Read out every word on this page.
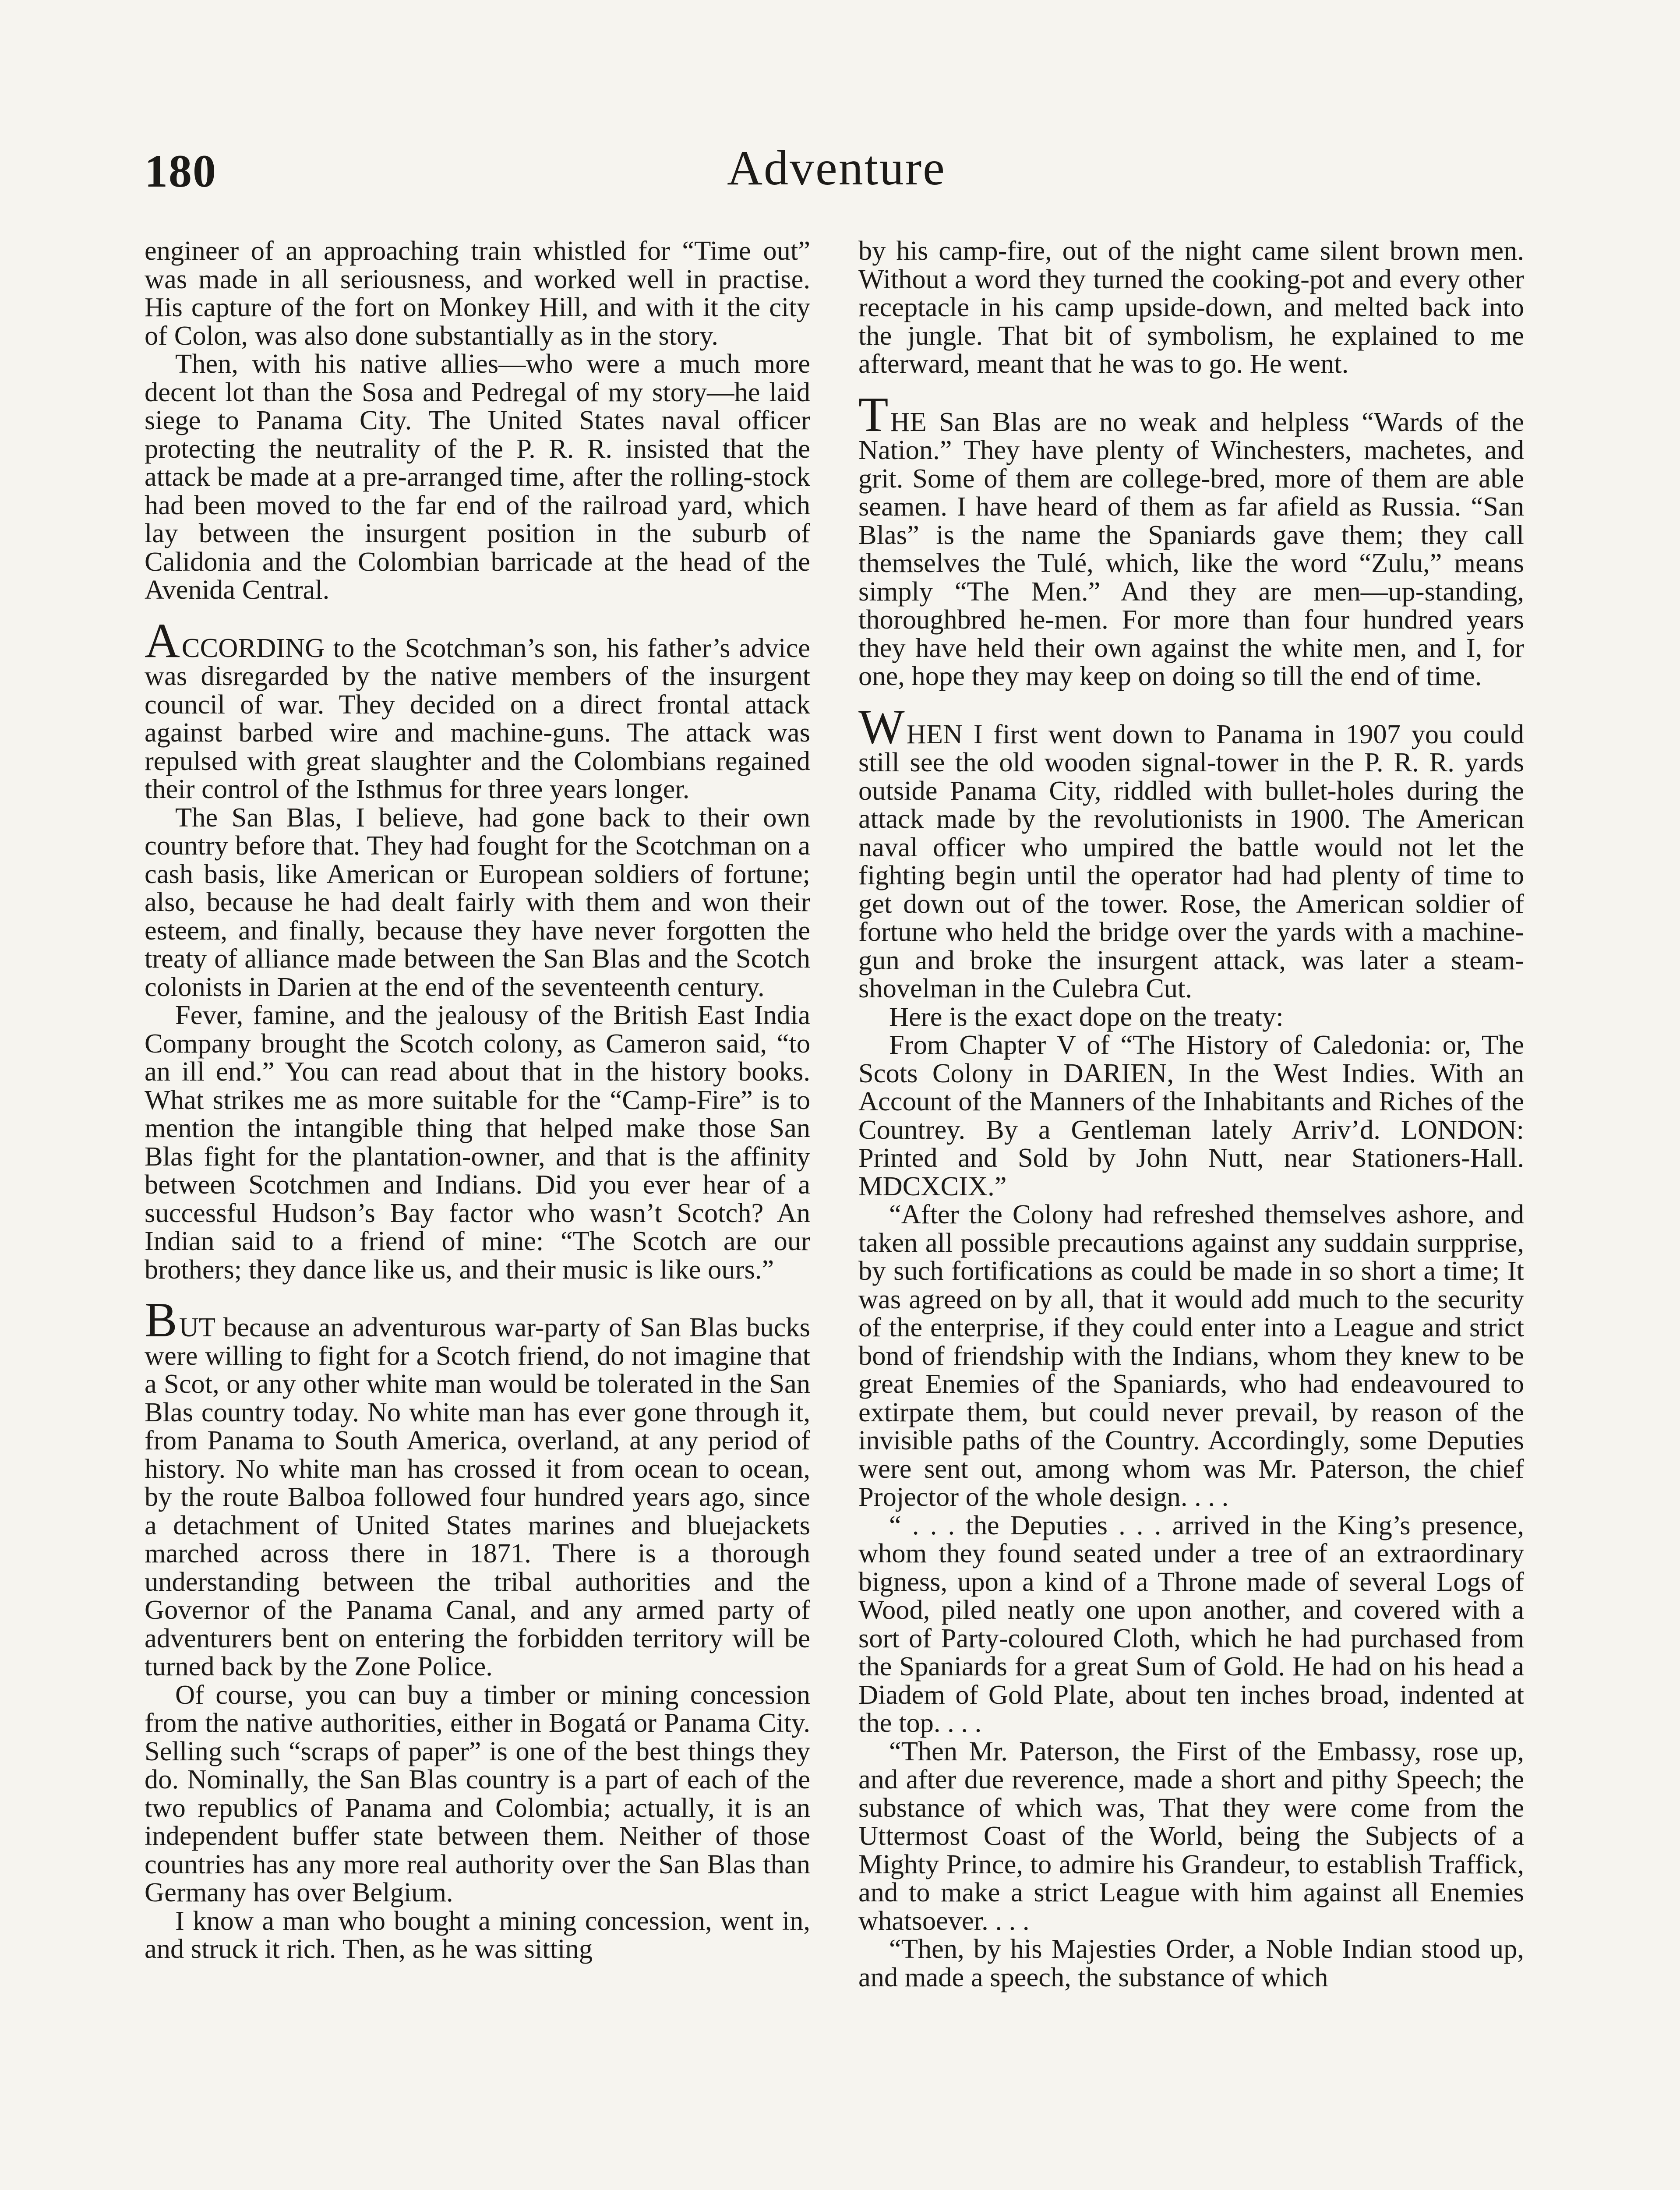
180	Adventure

engineer of an approaching train whistled for “Time out” was made in all seriousness, and worked well in practise. His capture of the fort on Monkey Hill, and with it the city of Colon, was also done substantially as in the story.

Then, with his native allies—who were a much more decent lot than the Sosa and Pedregal of my story—he laid siege to Panama City. The United States naval officer protecting the neutrality of the P. R. R. insisted that the attack be made at a pre-arranged time, after the rolling-stock had been moved to the far end of the railroad yard, which lay between the insurgent position in the suburb of Calidonia and the Colombian barricade at the head of the Avenida Central.

ACCORDING to the Scotchman’s son, his father’s advice was disregarded by the native members of the insurgent council of war. They decided on a direct frontal attack against barbed wire and machine-guns. The attack was repulsed with great slaughter and the Colombians regained their control of the Isthmus for three years longer.

The San Blas, I believe, had gone back to their own country before that. They had fought for the Scotchman on a cash basis, like American or European soldiers of fortune; also, because he had dealt fairly with them and won their esteem, and finally, because they have never forgotten the treaty of alliance made between the San Blas and the Scotch colonists in Darien at the end of the seventeenth century.

Fever, famine, and the jealousy of the British East India Company brought the Scotch colony, as Cameron said, “to an ill end.” You can read about that in the history books. What strikes me as more suitable for the “Camp-Fire” is to mention the intangible thing that helped make those San Blas fight for the plantation-owner, and that is the affinity between Scotchmen and Indians. Did you ever hear of a successful Hudson’s Bay factor who wasn’t Scotch? An Indian said to a friend of mine: “The Scotch are our brothers; they dance like us, and their music is like ours.”

BUT because an adventurous war-party of San Blas bucks were willing to fight for a Scotch friend, do not imagine that a Scot, or any other white man would be tolerated in the San Blas country today. No white man has ever gone through it, from Panama to South America, overland, at any period of history. No white man has crossed it from ocean to ocean, by the route Balboa followed four hundred years ago, since a detachment of United States marines and bluejackets marched across there in 1871. There is a thorough understanding between the tribal authorities and the Governor of the Panama Canal, and any armed party of adventurers bent on entering the forbidden territory will be turned back by the Zone Police.

Of course, you can buy a timber or mining concession from the native authorities, either in Bogatá or Panama City. Selling such “scraps of paper” is one of the best things they do. Nominally, the San Blas country is a part of each of the two republics of Panama and Colombia; actually, it is an independent buffer state between them. Neither of those countries has any more real authority over the San Blas than Germany has over Belgium.

I know a man who bought a mining concession, went in, and struck it rich. Then, as he was sitting

by his camp-fire, out of the night came silent brown men. Without a word they turned the cooking-pot and every other receptacle in his camp upside-down, and melted back into the jungle. That bit of symbolism, he explained to me afterward, meant that he was to go. He went.

THE San Blas are no weak and helpless “Wards of the Nation.” They have plenty of Winchesters, machetes, and grit. Some of them are college-bred, more of them are able seamen. I have heard of them as far afield as Russia. “San Blas” is the name the Spaniards gave them; they call themselves the Tulé, which, like the word “Zulu,” means simply “The Men.” And they are men—up-standing, thoroughbred he-men. For more than four hundred years they have held their own against the white men, and I, for one, hope they may keep on doing so till the end of time.

WHEN I first went down to Panama in 1907 you could still see the old wooden signal-tower in the P. R. R. yards outside Panama City, riddled with bullet-holes during the attack made by the revolutionists in 1900. The American naval officer who umpired the battle would not let the fighting begin until the operator had had plenty of time to get down out of the tower. Rose, the American soldier of fortune who held the bridge over the yards with a machine-gun and broke the insurgent attack, was later a steam-shovelman in the Culebra Cut.

Here is the exact dope on the treaty:

From Chapter V of “The History of Caledonia: or, The Scots Colony in DARIEN, In the West Indies. With an Account of the Manners of the Inhabitants and Riches of the Countrey. By a Gentleman lately Arriv’d. LONDON: Printed and Sold by John Nutt, near Stationers-Hall. MDCXCIX.”

“After the Colony had refreshed themselves ashore, and taken all possible precautions against any suddain surpprise, by such fortifications as could be made in so short a time; It was agreed on by all, that it would add much to the security of the enterprise, if they could enter into a League and strict bond of friendship with the Indians, whom they knew to be great Enemies of the Spaniards, who had endeavoured to extirpate them, but could never prevail, by reason of the invisible paths of the Country. Accordingly, some Deputies were sent out, among whom was Mr. Paterson, the chief Projector of the whole design. . . .

“ . . . the Deputies . . . arrived in the King’s presence, whom they found seated under a tree of an extraordinary bigness, upon a kind of a Throne made of several Logs of Wood, piled neatly one upon another, and covered with a sort of Party-coloured Cloth, which he had purchased from the Spaniards for a great Sum of Gold. He had on his head a Diadem of Gold Plate, about ten inches broad, indented at the top. . . .

“Then Mr. Paterson, the First of the Embassy, rose up, and after due reverence, made a short and pithy Speech; the substance of which was, That they were come from the Uttermost Coast of the World, being the Subjects of a Mighty Prince, to admire his Grandeur, to establish Traffick, and to make a strict League with him against all Enemies whatsoever. . . .

“Then, by his Majesties Order, a Noble Indian stood up, and made a speech, the substance of which
